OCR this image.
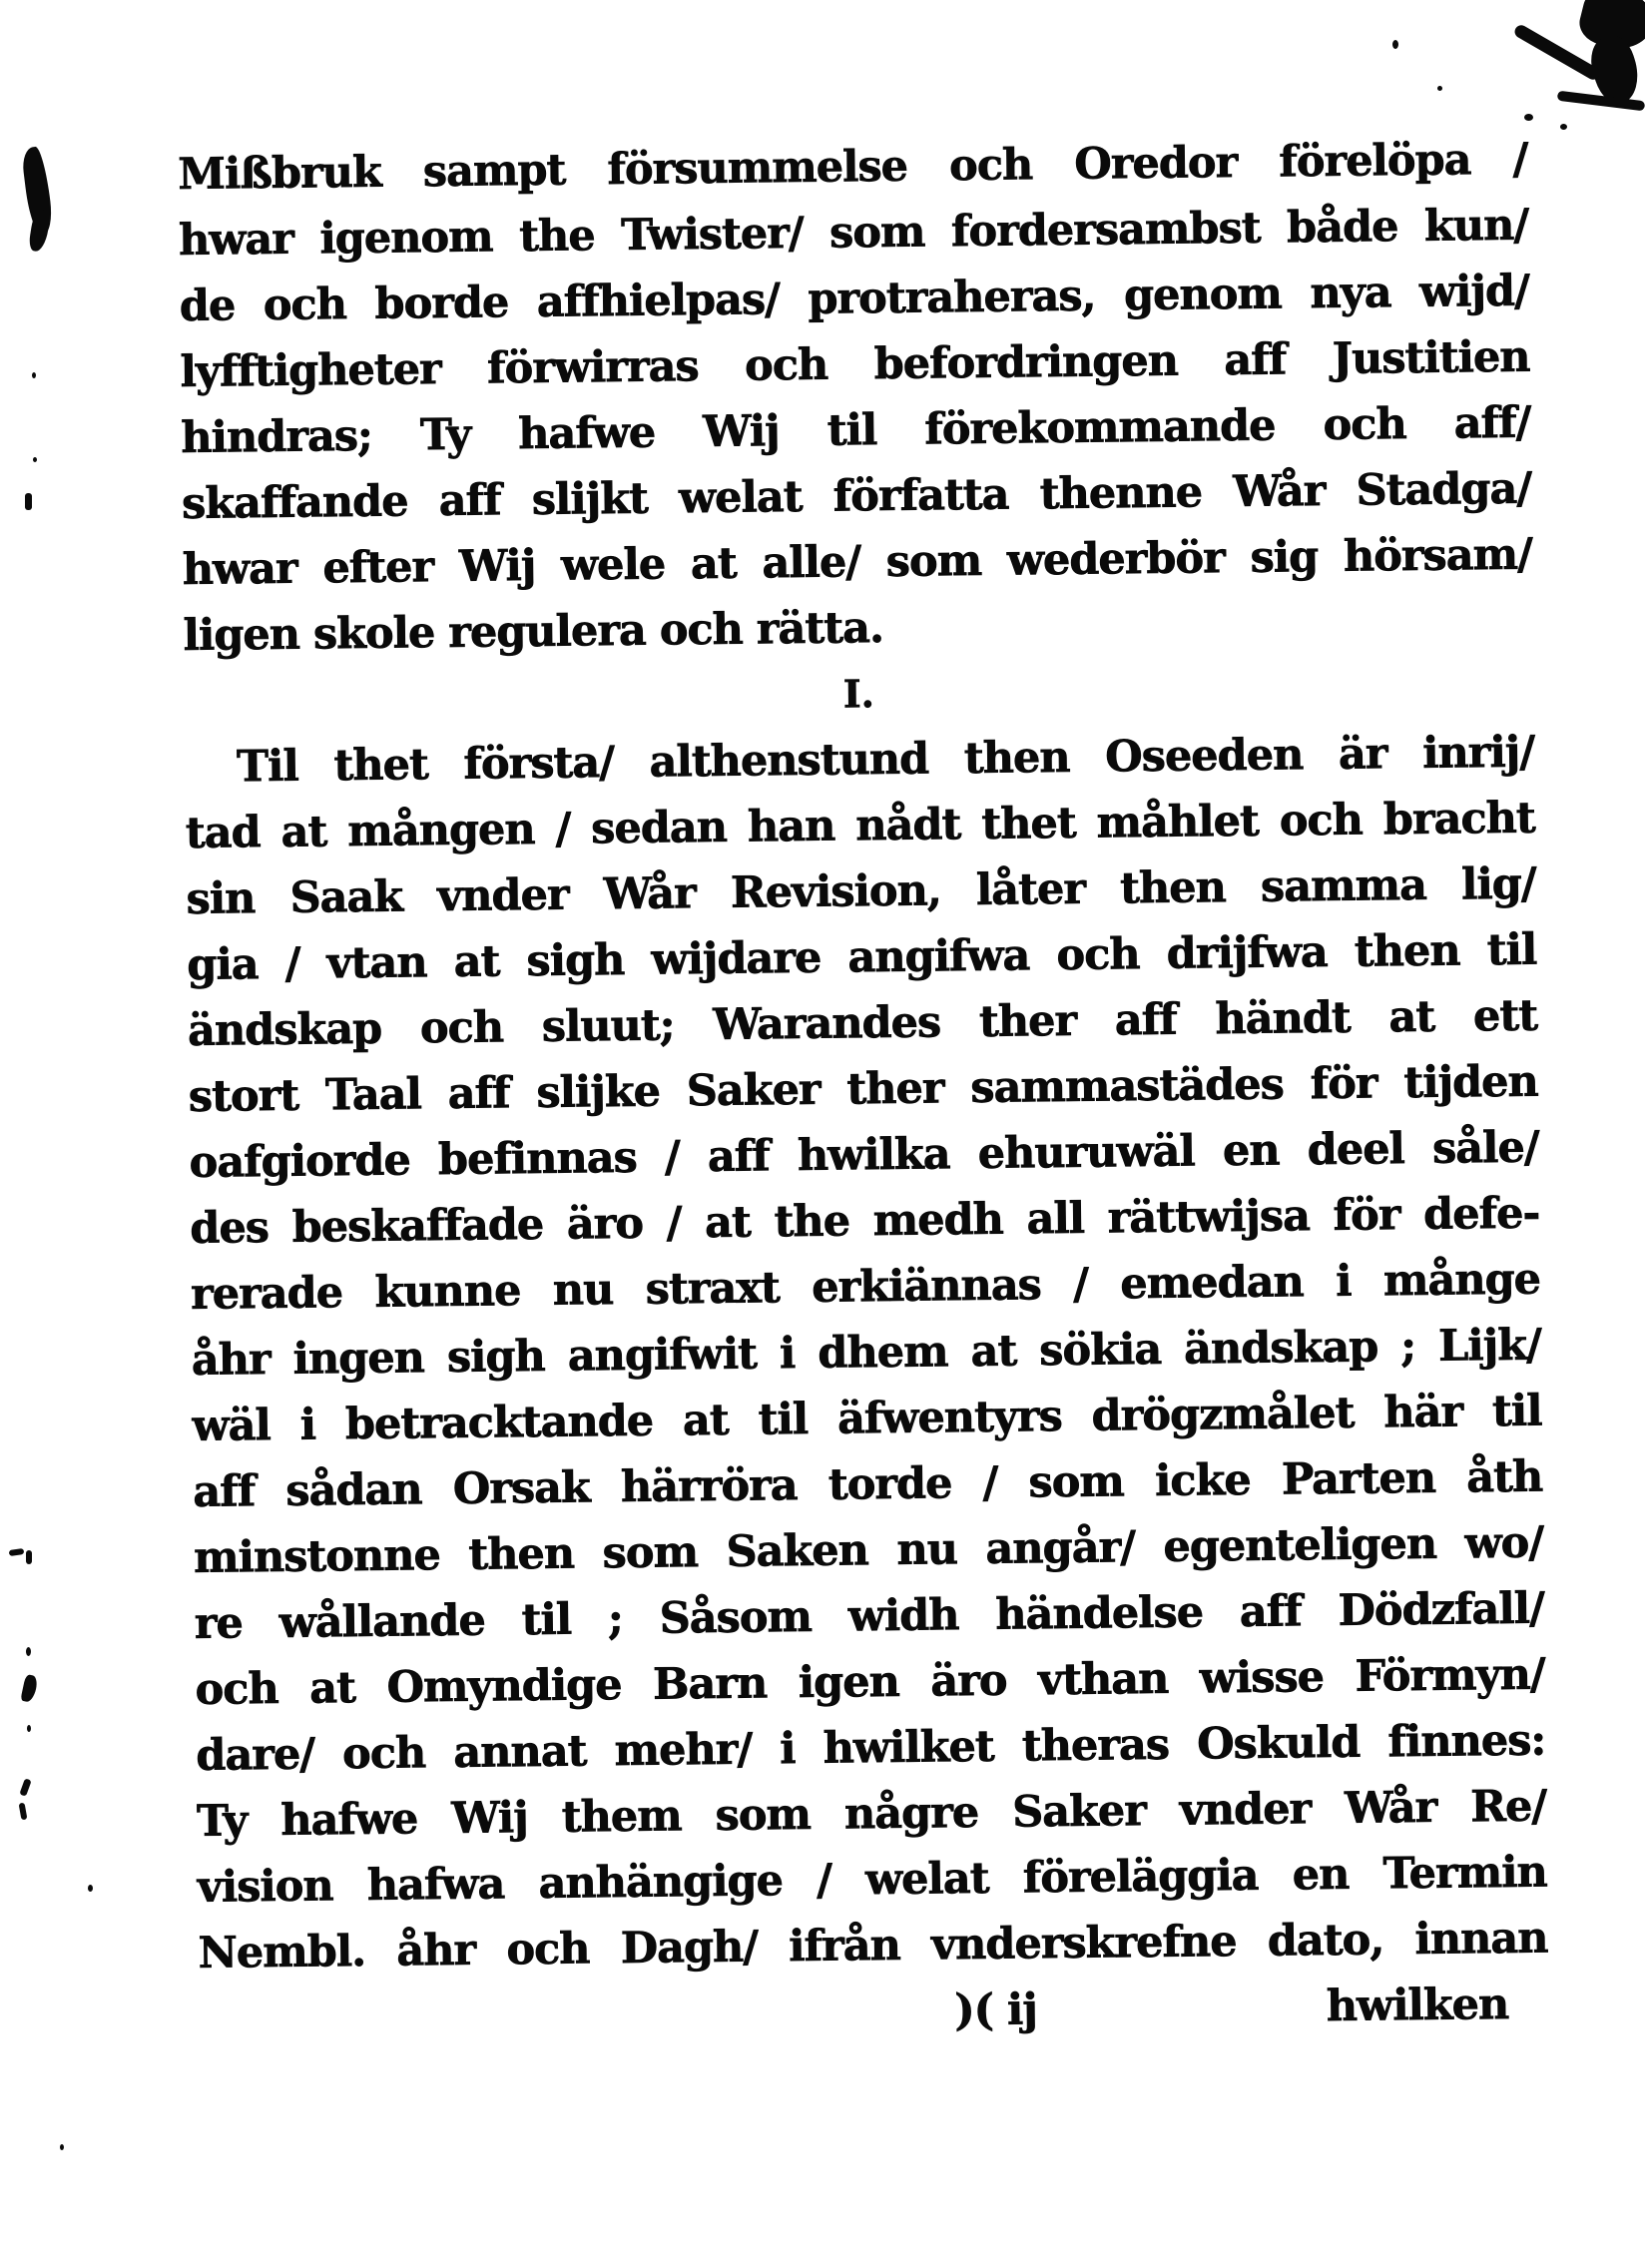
Mißbruk sampt försummelse och Oredor förelöpa /
hwar igenom the Twister/ som fordersambst både kun/
de och borde affhielpas/ protraheras, genom nya wijd/
lyfftigheter förwirras och befordringen aff Justitien
hindras; Ty hafwe Wij til förekommande och aff/
skaffande aff slijkt welat författa thenne Wår Stadga/
hwar efter Wij wele at alle/ som wederbör sig hörsam/
ligen skole regulera och rätta.
I.
Til thet första/ althenstund then Oseeden är inrij/
tad at mången / sedan han nådt thet måhlet och bracht
sin Saak vnder Wår Revision, låter then samma lig/
gia / vtan at sigh wijdare angifwa och drijfwa then til
ändskap och sluut; Warandes ther aff händt at ett
stort Taal aff slijke Saker ther sammastädes för tijden
oafgiorde befinnas / aff hwilka ehuruwäl en deel såle/
des beskaffade äro / at the medh all rättwijsa för defe-
rerade kunne nu straxt erkiännas / emedan i månge
åhr ingen sigh angifwit i dhem at sökia ändskap ; Lijk/
wäl i betracktande at til äfwentyrs drögzmålet här til
aff sådan Orsak härröra torde / som icke Parten åth
minstonne then som Saken nu angår/ egenteligen wo/
re wållande til ; Såsom widh händelse aff Dödzfall/
och at Omyndige Barn igen äro vthan wisse Förmyn/
dare/ och annat mehr/ i hwilket theras Oskuld finnes:
Ty hafwe Wij them som någre Saker vnder Wår Re/
vision hafwa anhängige / welat föreläggia en Termin
Nembl. åhr och Dagh/ ifrån vnderskrefne dato, innan
)( ij	hwilken
